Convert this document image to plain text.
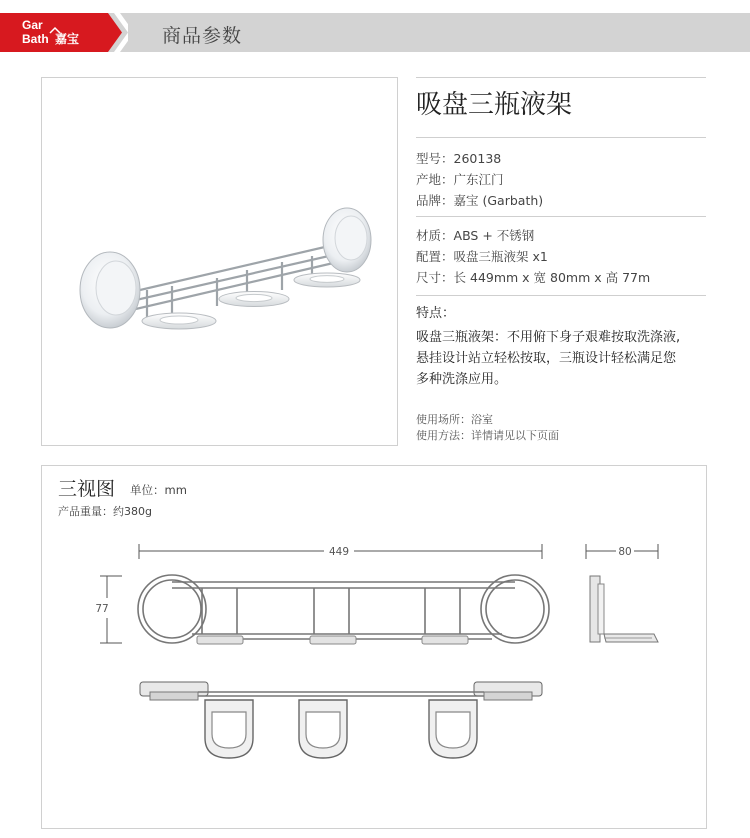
Gar
Bath 嘉宝	商品参数
吸盘三瓶液架
型号：260138
产地：广东江门
品牌：嘉宝 (Garbath)
材质：ABS + 不锈钢
配置：吸盘三瓶液架 x1
尺寸：长 449mm x 宽 80mm x 高 77m
特点：
吸盘三瓶液架：不用俯下身子艰难按取洗涤液,
悬挂设计站立轻松按取，三瓶设计轻松满足您
多种洗涤应用。
使用场所：浴室
使用方法：详情请见以下页面
三视图 单位：mm
产品重量：约380g
449	80
77
